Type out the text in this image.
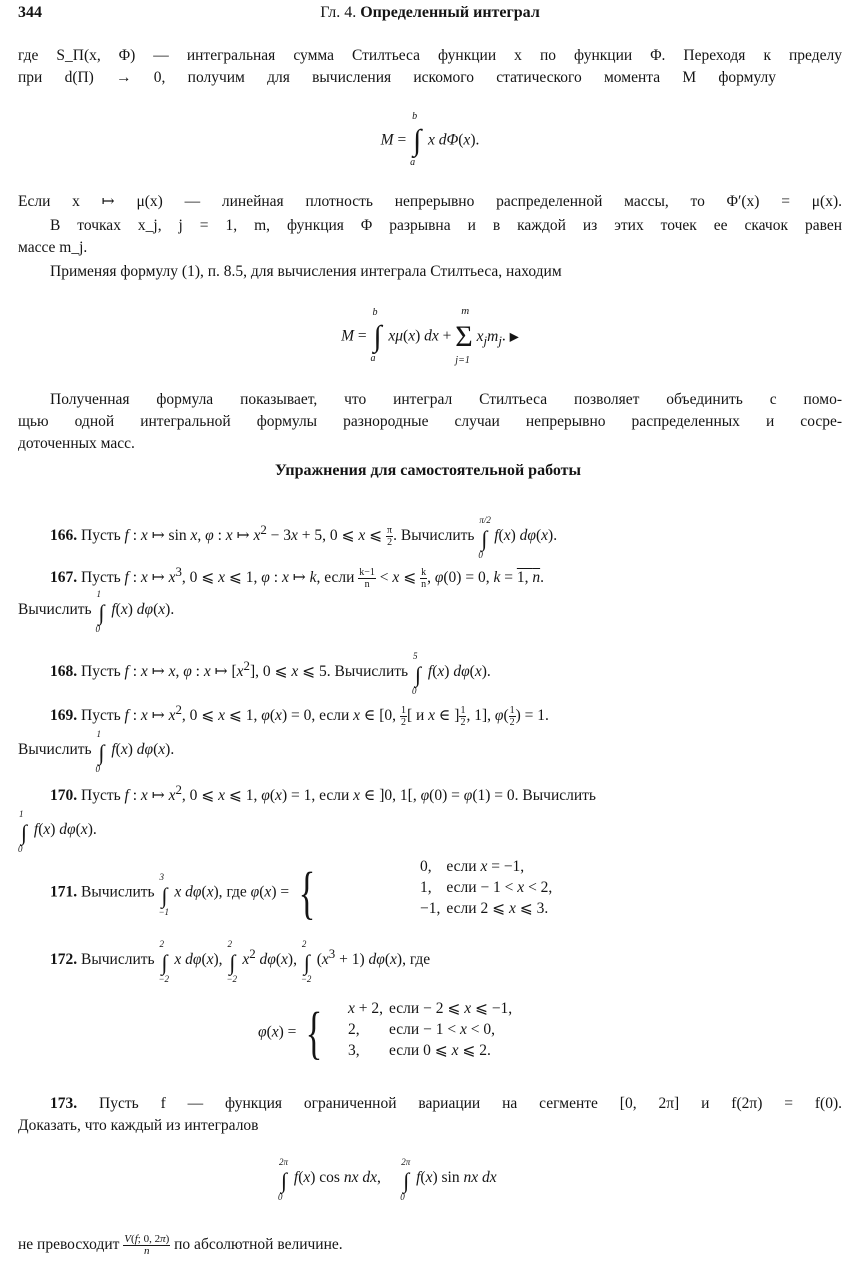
344	Гл. 4. Определенный интеграл
где S_Π(x, Φ) — интегральная сумма Стилтьеса функции x по функции Φ. Переходя к пределу
при d(Π) → 0, получим для вычисления искомого статического момента M формулу
M = ∫
b
a
x dΦ(x).
Если x ↦ μ(x) — линейная плотность непрерывно распределенной массы, то Φ′(x) = μ(x).
В точках x_j, j = 1, m, функция Φ разрывна и в каждой из этих точек ее скачок равен
массе m_j.
Применяя формулу (1), п. 8.5, для вычисления интеграла Стилтьеса, находим
M = ∫
b
a
xμ(x) dx + Σ
m
j=1
$x_jm_j$. ▶
Полученная формула показывает, что интеграл Стилтьеса позволяет объединить с помо-
щью одной интегральной формулы разнородные случаи непрерывно распределенных и сосре-
доточенных масс.
Упражнения для самостоятельной работы
166. Пусть f : x ↦ sin x, φ : x ↦ $x^2 - 3x + 5$, 0 ⩽ x ⩽ $\frac{\pi}{2}$ . Вычислить ∫
π/2
0
f(x) dφ(x).
167. Пусть f : x ↦ $x^3$, 0 ⩽ x ⩽ 1, φ : x ↦ k, если $\frac{k-1}{n} < x$ ⩽ $\frac{k}{n}$ , φ(0) = 0, k = 1, n.
Вычислить ∫
1
0
f(x) dφ(x).
168. Пусть f : x ↦ x, φ : x ↦ $[x^2]$, 0 ⩽ x ⩽ 5. Вычислить ∫
5
0
f(x) dφ(x).
169. Пусть f : x ↦ $x^2$, 0 ⩽ x ⩽ 1, φ(x) = 0, если x ∈ [0, $\frac{1}{2}$ [ и x ∈ ] $\frac{1}{2}$ , 1], $\varphi( \frac{1}{2}$ ) = 1.
Вычислить ∫
1
0
f(x) dφ(x).
170. Пусть f : x ↦ $x^2$, 0 ⩽ x ⩽ 1, φ(x) = 1, если x ∈ ]0, 1[, φ(0) = φ(1) = 0. Вычислить
∫
1
0
f(x) dφ(x).
171. Вычислить ∫
3
−1
x dφ(x), где φ(x) = {	0,	если x = −1,
1,	если − 1 < x < 2,
−1,	если 2 ⩽ x ⩽ 3.
172. Вычислить ∫
2
−2
x dφ(x), ∫
2
−2
$x^2$ dφ(x), ∫
2
−2
$(x^3 + 1)$ dφ(x), где
φ(x) = { x + 2,	если − 2 ⩽ x ⩽ −1,
2,	если − 1 < x < 0,
3,	если 0 ⩽ x ⩽ 2.
173. Пусть f — функция ограниченной вариации на сегменте [0, 2π] и f(2π) = f(0).
Доказать, что каждый из интегралов
∫
2π
0
f(x) cos nx dx,     ∫
2π
0
f(x) sin nx dx
не превосходит $\frac{V(f; 0, 2\pi)}{n}$ по абсолютной величине.
